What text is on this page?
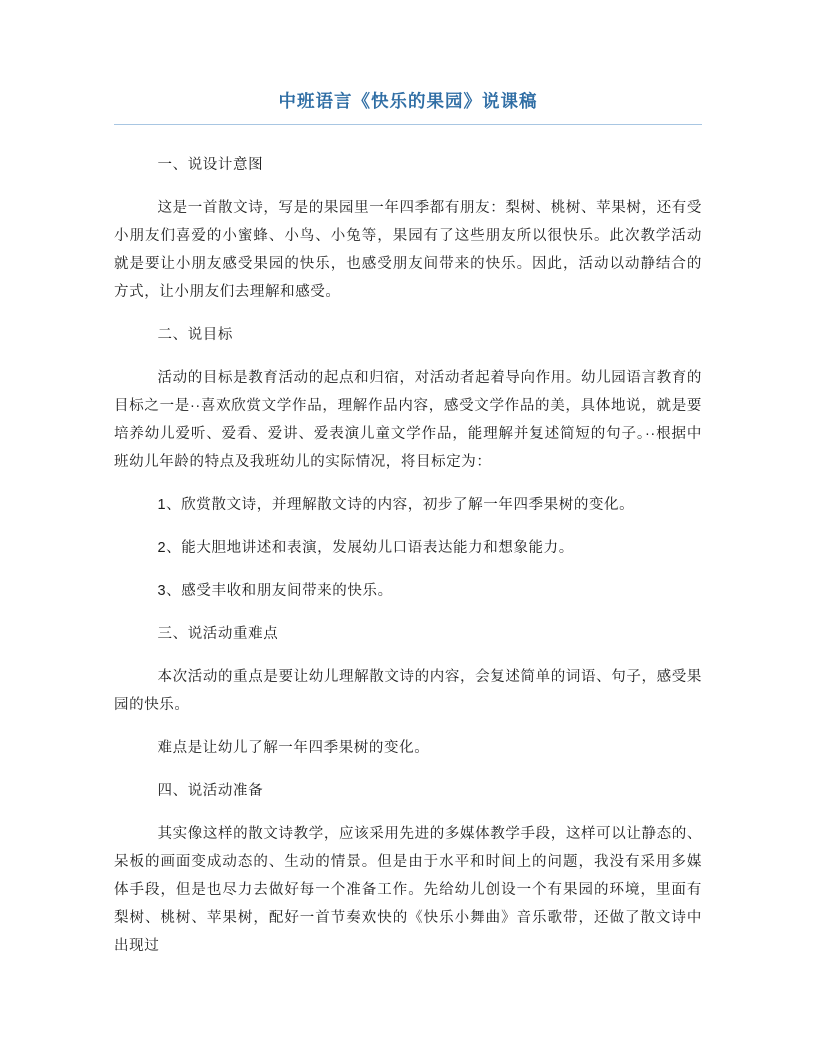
中班语言《快乐的果园》说课稿

一、说设计意图

这是一首散文诗，写是的果园里一年四季都有朋友：梨树、桃树、苹果树，还有受小朋友们喜爱的小蜜蜂、小鸟、小兔等，果园有了这些朋友所以很快乐。此次教学活动就是要让小朋友感受果园的快乐，也感受朋友间带来的快乐。因此，活动以动静结合的方式，让小朋友们去理解和感受。

二、说目标

活动的目标是教育活动的起点和归宿，对活动者起着导向作用。幼儿园语言教育的目标之一是··喜欢欣赏文学作品，理解作品内容，感受文学作品的美，具体地说，就是要培养幼儿爱听、爱看、爱讲、爱表演儿童文学作品，能理解并复述简短的句子。··根据中班幼儿年龄的特点及我班幼儿的实际情况，将目标定为：

1、欣赏散文诗，并理解散文诗的内容，初步了解一年四季果树的变化。

2、能大胆地讲述和表演，发展幼儿口语表达能力和想象能力。

3、感受丰收和朋友间带来的快乐。

三、说活动重难点

本次活动的重点是要让幼儿理解散文诗的内容，会复述简单的词语、句子，感受果园的快乐。

难点是让幼儿了解一年四季果树的变化。

四、说活动准备

其实像这样的散文诗教学，应该采用先进的多媒体教学手段，这样可以让静态的、呆板的画面变成动态的、生动的情景。但是由于水平和时间上的问题，我没有采用多媒体手段，但是也尽力去做好每一个准备工作。先给幼儿创设一个有果园的环境，里面有梨树、桃树、苹果树，配好一首节奏欢快的《快乐小舞曲》音乐歌带，还做了散文诗中出现过
